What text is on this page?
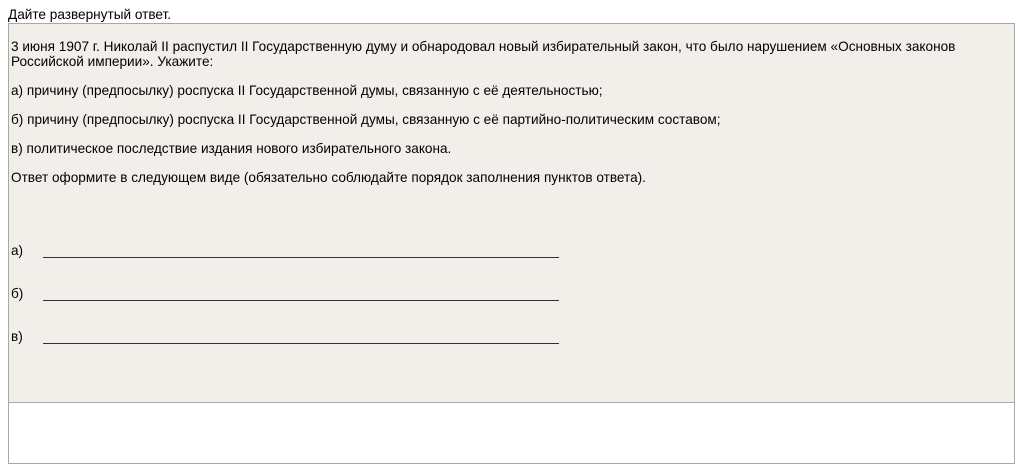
Дайте развернутый ответ.

3 июня 1907 г. Николай II распустил II Государственную думу и обнародовал новый избирательный закон, что было нарушением «Основных законов Российской империи». Укажите:

а) причину (предпосылку) роспуска II Государственной думы, связанную с её деятельностью;

б) причину (предпосылку) роспуска II Государственной думы, связанную с её партийно-политическим составом;

в) политическое последствие издания нового избирательного закона.

Ответ оформите в следующем виде (обязательно соблюдайте порядок заполнения пунктов ответа).

а)
б)
в)
